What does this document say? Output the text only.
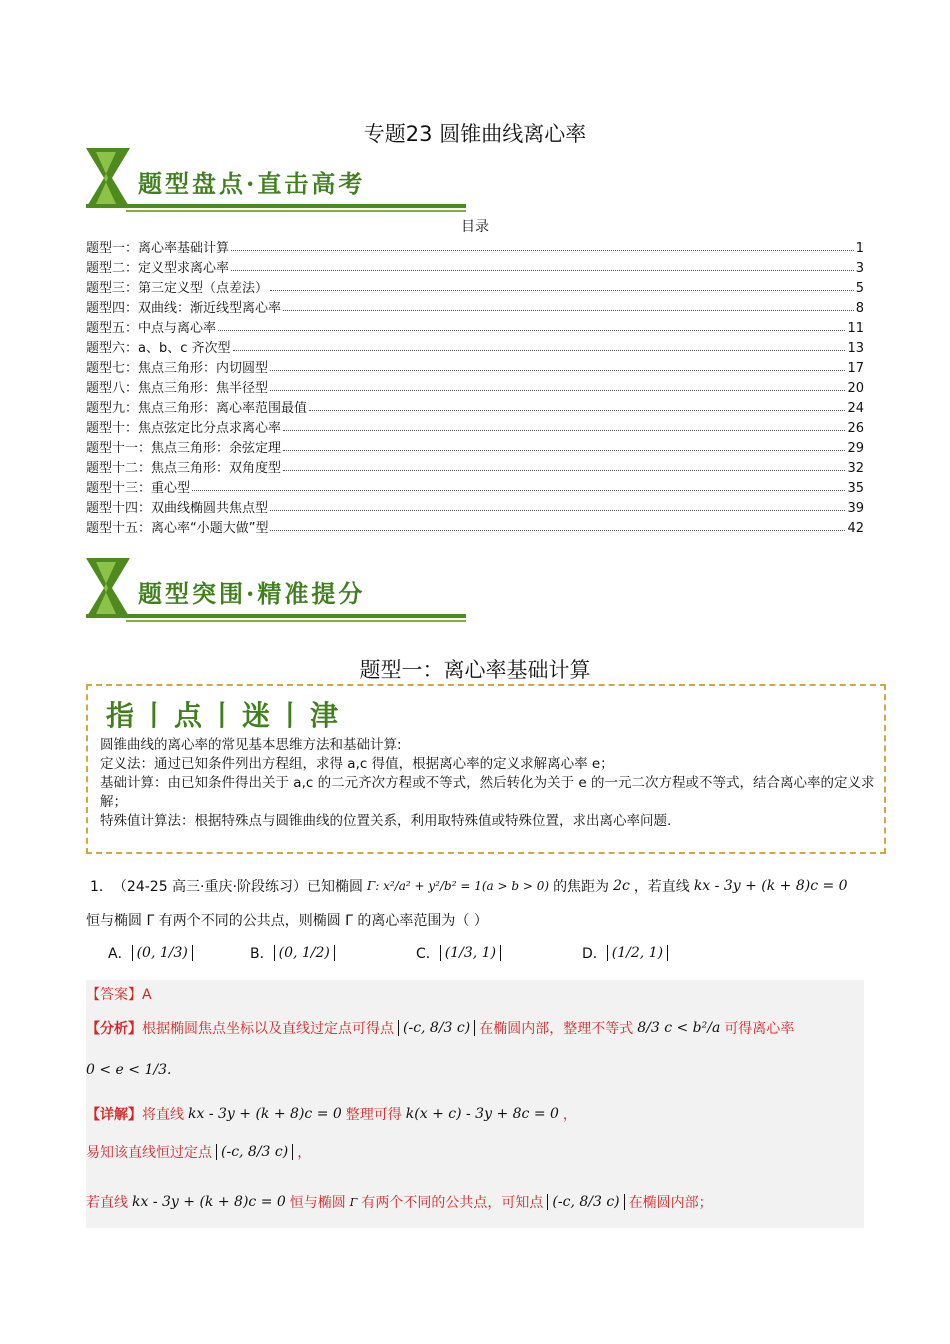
专题23 圆锥曲线离心率
题型盘点·直击高考
目录
题型一：离心率基础计算	1
题型二：定义型求离心率	3
题型三：第三定义型（点差法）	5
题型四：双曲线：渐近线型离心率	8
题型五：中点与离心率	11
题型六：a、b、c 齐次型	13
题型七：焦点三角形：内切圆型	17
题型八：焦点三角形：焦半径型	20
题型九：焦点三角形：离心率范围最值	24
题型十：焦点弦定比分点求离心率	26
题型十一：焦点三角形：余弦定理	29
题型十二：焦点三角形：双角度型	32
题型十三：重心型	35
题型十四：双曲线椭圆共焦点型	39
题型十五：离心率“小题大做”型	42
题型突围·精准提分
题型一：离心率基础计算
指丨点丨迷丨津

圆锥曲线的离心率的常见基本思维方法和基础计算:

定义法：通过已知条件列出方程组，求得 a,c 得值，根据离心率的定义求解离心率 e；

基础计算：由已知条件得出关于 a,c 的二元齐次方程或不等式，然后转化为关于 e 的一元二次方程或不等式，结合离心率的定义求解；

特殊值计算法：根据特殊点与圆锥曲线的位置关系，利用取特殊值或特殊位置，求出离心率问题.

1． （24-25 高三·重庆·阶段练习）已知椭圆 Γ: x²/a² + y²/b² = 1(a > b > 0) 的焦距为 2c ，若直线 kx - 3y + (k + 8)c = 0
恒与椭圆 Γ 有两个不同的公共点，则椭圆 Γ 的离心率范围为（ ）
A． (0, 1/3)	B． (0, 1/2)	C． (1/3, 1)	D． (1/2, 1)
【答案】A
【分析】 根据椭圆焦点坐标以及直线过定点可得点 (-c, 8/3 c) 在椭圆内部，整理不等式 8/3 c < b²/a 可得离心率
0 < e < 1/3.
【详解】 将直线 kx - 3y + (k + 8)c = 0 整理可得 k(x + c) - 3y + 8c = 0 ，
易知该直线恒过定点 (-c, 8/3 c) ，
若直线 kx - 3y + (k + 8)c = 0 恒与椭圆 Γ 有两个不同的公共点，可知点 (-c, 8/3 c) 在椭圆内部；
